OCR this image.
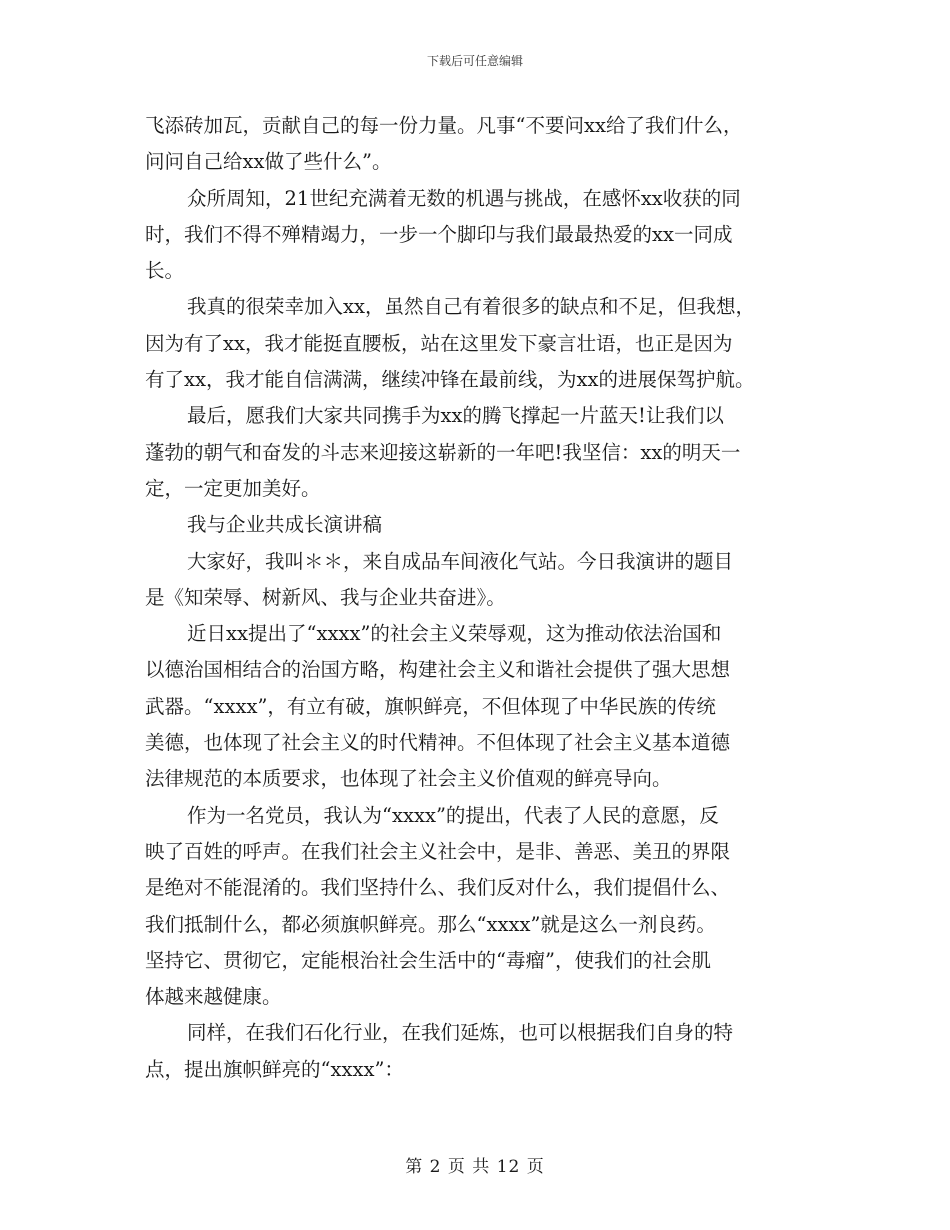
下载后可任意编辑
飞添砖加瓦，贡献自己的每一份力量。凡事“不要问xx给了我们什么，
问问自己给xx做了些什么”。
众所周知，21世纪充满着无数的机遇与挑战，在感怀xx收获的同
时，我们不得不殚精竭力，一步一个脚印与我们最最热爱的xx一同成
长。
我真的很荣幸加入xx，虽然自己有着很多的缺点和不足，但我想，
因为有了xx，我才能挺直腰板，站在这里发下豪言壮语，也正是因为
有了xx，我才能自信满满，继续冲锋在最前线，为xx的进展保驾护航。
最后，愿我们大家共同携手为xx的腾飞撑起一片蓝天!让我们以
蓬勃的朝气和奋发的斗志来迎接这崭新的一年吧!我坚信：xx的明天一
定，一定更加美好。
我与企业共成长演讲稿
大家好，我叫＊＊，来自成品车间液化气站。今日我演讲的题目
是《知荣辱、树新风、我与企业共奋进》。
近日xx提出了“xxxx”的社会主义荣辱观，这为推动依法治国和
以德治国相结合的治国方略，构建社会主义和谐社会提供了强大思想
武器。“xxxx”，有立有破，旗帜鲜亮，不但体现了中华民族的传统
美德，也体现了社会主义的时代精神。不但体现了社会主义基本道德
法律规范的本质要求，也体现了社会主义价值观的鲜亮导向。
作为一名党员，我认为“xxxx”的提出，代表了人民的意愿，反
映了百姓的呼声。在我们社会主义社会中，是非、善恶、美丑的界限
是绝对不能混淆的。我们坚持什么、我们反对什么，我们提倡什么、
我们抵制什么，都必须旗帜鲜亮。那么“xxxx”就是这么一剂良药。
坚持它、贯彻它，定能根治社会生活中的“毒瘤”，使我们的社会肌
体越来越健康。
同样，在我们石化行业，在我们延炼，也可以根据我们自身的特
点，提出旗帜鲜亮的“xxxx”：
第 2 页 共 12 页
